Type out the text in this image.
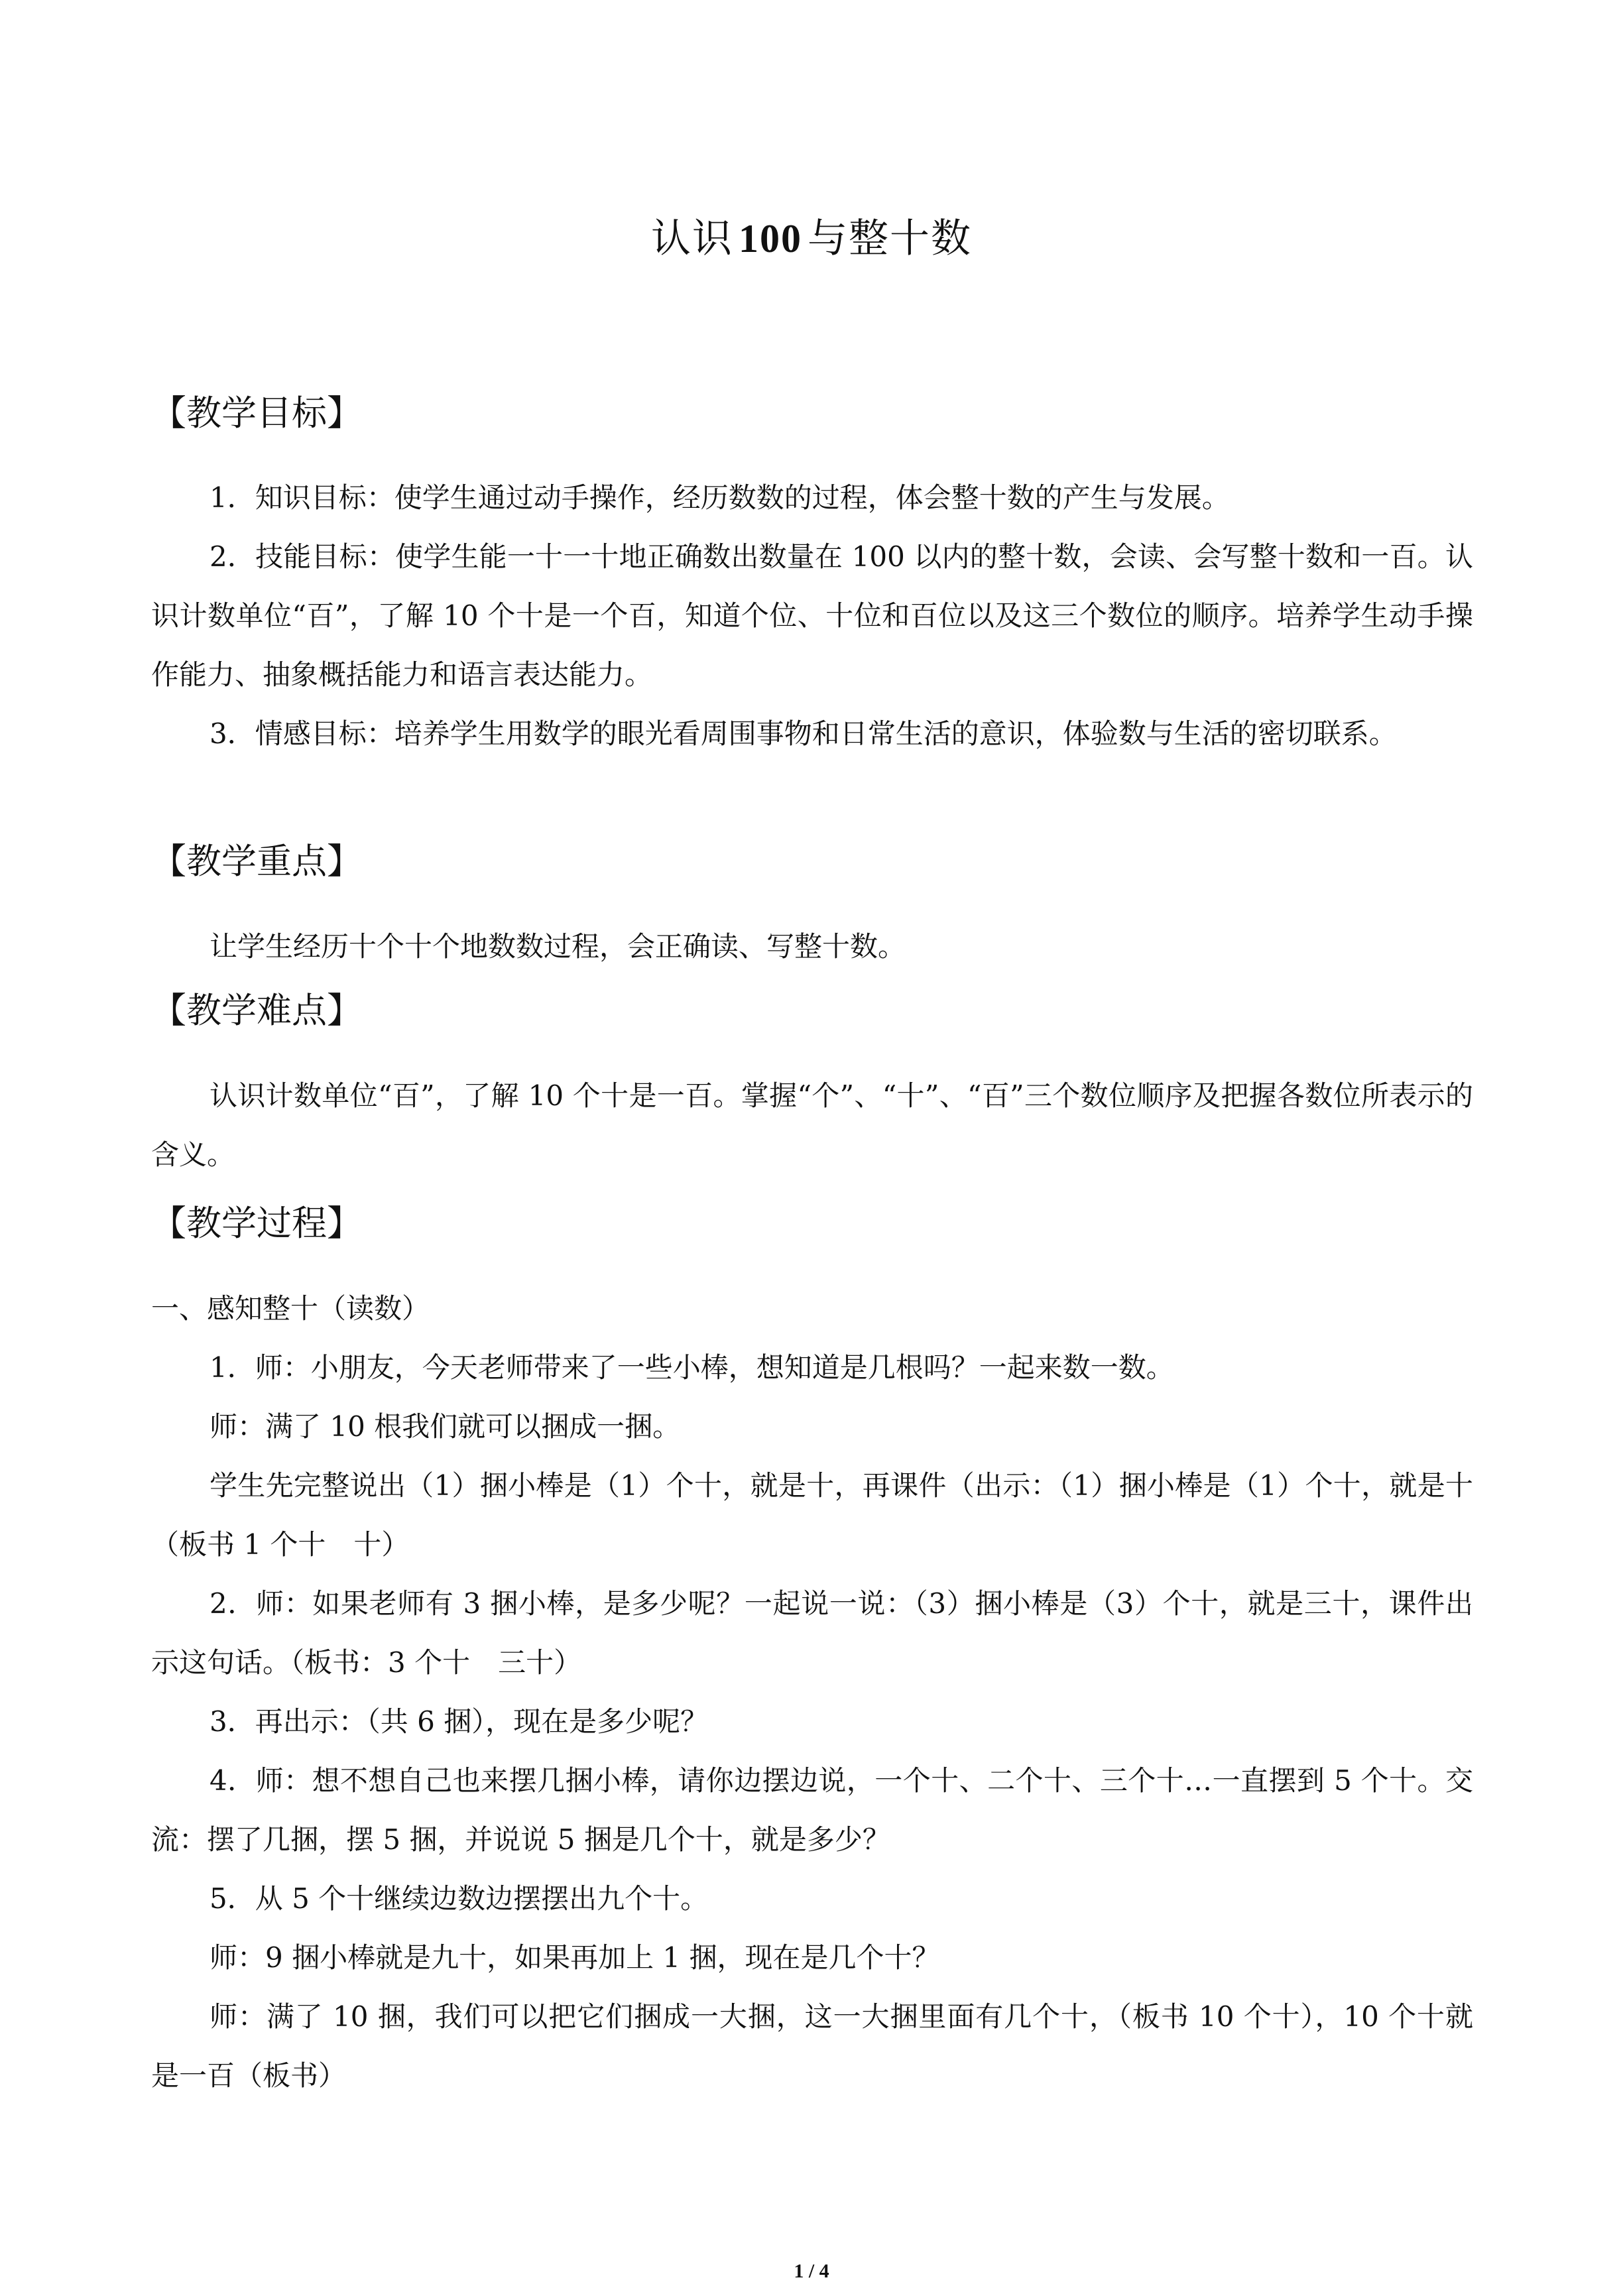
认识 100 与整十数
【教学目标】
1．知识目标：使学生通过动手操作，经历数数的过程，体会整十数的产生与发展。
2．技能目标：使学生能一十一十地正确数出数量在 100 以内的整十数，会读、会写整十数和一百。认识计数单位“百”，了解 10 个十是一个百，知道个位、十位和百位以及这三个数位的顺序。培养学生动手操作能力、抽象概括能力和语言表达能力。
3．情感目标：培养学生用数学的眼光看周围事物和日常生活的意识，体验数与生活的密切联系。
【教学重点】
让学生经历十个十个地数数过程，会正确读、写整十数。
【教学难点】
认识计数单位“百”，了解 10 个十是一百。掌握“个”、“十”、“百”三个数位顺序及把握各数位所表示的含义。
【教学过程】
一、感知整十（读数）
1．师：小朋友，今天老师带来了一些小棒，想知道是几根吗？一起来数一数。
师：满了 10 根我们就可以捆成一捆。
学生先完整说出（1）捆小棒是（1）个十，就是十，再课件（出示：（1）捆小棒是（1）个十，就是十（板书 1 个十　十）
2．师：如果老师有 3 捆小棒，是多少呢？一起说一说：（3）捆小棒是（3）个十，就是三十，课件出示这句话。（板书：3 个十　三十）
3．再出示：（共 6 捆），现在是多少呢？
4．师：想不想自己也来摆几捆小棒，请你边摆边说，一个十、二个十、三个十…一直摆到 5 个十。交流：摆了几捆，摆 5 捆，并说说 5 捆是几个十，就是多少？
5．从 5 个十继续边数边摆摆出九个十。
师：9 捆小棒就是九十，如果再加上 1 捆，现在是几个十？
师：满了 10 捆，我们可以把它们捆成一大捆，这一大捆里面有几个十，（板书 10 个十），10 个十就是一百（板书）
1 / 4
